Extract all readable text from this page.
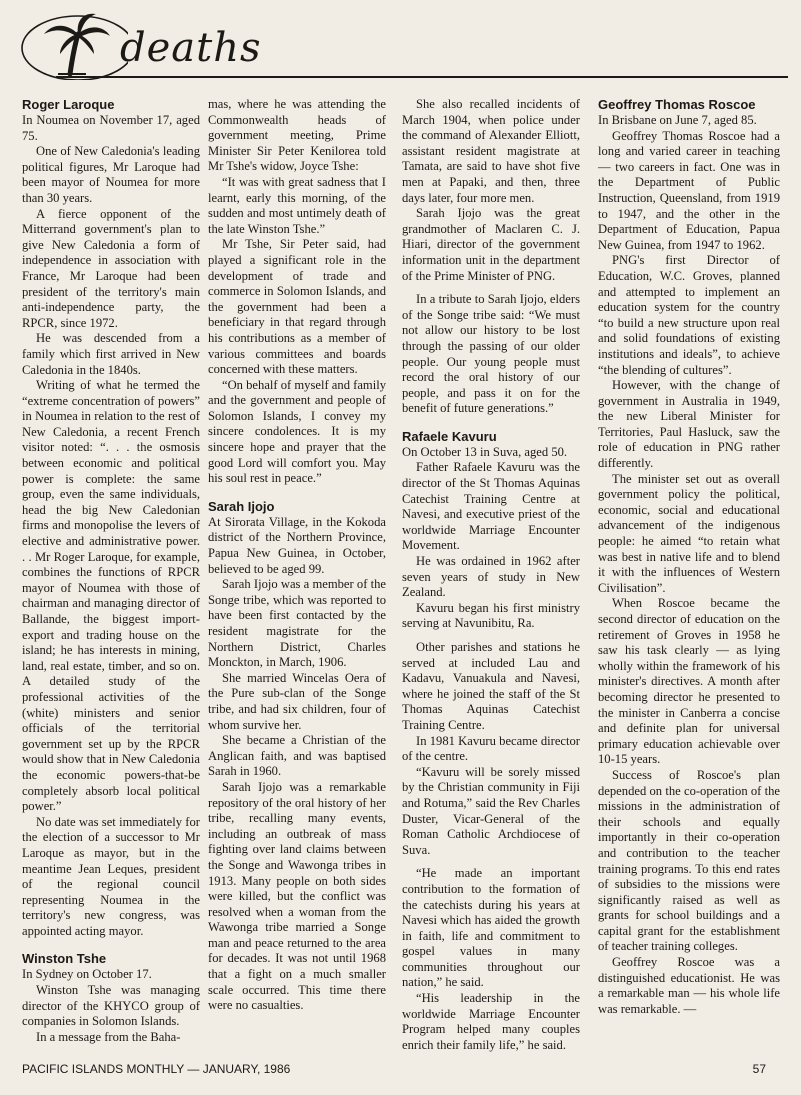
deaths
Roger Laroque

In Noumea on November 17, aged 75.

One of New Caledonia's leading political figures, Mr Laroque had been mayor of Noumea for more than 30 years.

A fierce opponent of the Mitterrand government's plan to give New Caledonia a form of independence in association with France, Mr Laroque had been president of the territory's main anti-independence party, the RPCR, since 1972.

He was descended from a family which first arrived in New Caledonia in the 1840s.

Writing of what he termed the “extreme concentration of powers” in Noumea in relation to the rest of New Caledonia, a recent French visitor noted: “. . . the osmosis between economic and political power is complete: the same group, even the same individuals, head the big New Caledonian firms and monopolise the levers of elective and administrative power. . . Mr Roger Laroque, for example, combines the functions of RPCR mayor of Noumea with those of chairman and managing director of Ballande, the biggest import-export and trading house on the island; he has interests in mining, land, real estate, timber, and so on. A detailed study of the professional activities of the (white) ministers and senior officials of the territorial government set up by the RPCR would show that in New Caledonia the economic powers-that-be completely absorb local political power.”

No date was set immediately for the election of a successor to Mr Laroque as mayor, but in the meantime Jean Leques, president of the regional council representing Noumea in the territory's new congress, was appointed acting mayor.

Winston Tshe

In Sydney on October 17.

Winston Tshe was managing director of the KHYCO group of companies in Solomon Islands.

In a message from the Baha-

mas, where he was attending the Commonwealth heads of government meeting, Prime Minister Sir Peter Kenilorea told Mr Tshe's widow, Joyce Tshe:

“It was with great sadness that I learnt, early this morning, of the sudden and most untimely death of the late Winston Tshe.”

Mr Tshe, Sir Peter said, had played a significant role in the development of trade and commerce in Solomon Islands, and the government had been a beneficiary in that regard through his contributions as a member of various committees and boards concerned with these matters.

“On behalf of myself and family and the government and people of Solomon Islands, I convey my sincere condolences. It is my sincere hope and prayer that the good Lord will comfort you. May his soul rest in peace.”

Sarah Ijojo

At Sirorata Village, in the Kokoda district of the Northern Province, Papua New Guinea, in October, believed to be aged 99.

Sarah Ijojo was a member of the Songe tribe, which was reported to have been first contacted by the resident magistrate for the Northern District, Charles Monckton, in March, 1906.

She married Wincelas Oera of the Pure sub-clan of the Songe tribe, and had six children, four of whom survive her.

She became a Christian of the Anglican faith, and was baptised Sarah in 1960.

Sarah Ijojo was a remarkable repository of the oral history of her tribe, recalling many events, including an outbreak of mass fighting over land claims between the Songe and Wawonga tribes in 1913. Many people on both sides were killed, but the conflict was resolved when a woman from the Wawonga tribe married a Songe man and peace returned to the area for decades. It was not until 1968 that a fight on a much smaller scale occurred. This time there were no casualties.

She also recalled incidents of March 1904, when police under the command of Alexander Elliott, assistant resident magistrate at Tamata, are said to have shot five men at Papaki, and then, three days later, four more men.

Sarah Ijojo was the great grandmother of Maclaren C. J. Hiari, director of the government information unit in the department of the Prime Minister of PNG.

In a tribute to Sarah Ijojo, elders of the Songe tribe said: “We must not allow our history to be lost through the passing of our older people. Our young people must record the oral history of our people, and pass it on for the benefit of future generations.”

Rafaele Kavuru

On October 13 in Suva, aged 50.

Father Rafaele Kavuru was the director of the St Thomas Aquinas Catechist Training Centre at Navesi, and executive priest of the worldwide Marriage Encounter Movement.

He was ordained in 1962 after seven years of study in New Zealand.

Kavuru began his first ministry serving at Navunibitu, Ra.

Other parishes and stations he served at included Lau and Kadavu, Vanuakula and Navesi, where he joined the staff of the St Thomas Aquinas Catechist Training Centre.

In 1981 Kavuru became director of the centre.

“Kavuru will be sorely missed by the Christian community in Fiji and Rotuma,” said the Rev Charles Duster, Vicar-General of the Roman Catholic Archdiocese of Suva.

“He made an important contribution to the formation of the catechists during his years at Navesi which has aided the growth in faith, life and commitment to gospel values in many communities throughout our nation,” he said.

“His leadership in the worldwide Marriage Encounter Program helped many couples enrich their family life,” he said.

Geoffrey Thomas Roscoe

In Brisbane on June 7, aged 85.

Geoffrey Thomas Roscoe had a long and varied career in teaching — two careers in fact. One was in the Department of Public Instruction, Queensland, from 1919 to 1947, and the other in the Department of Education, Papua New Guinea, from 1947 to 1962.

PNG's first Director of Education, W.C. Groves, planned and attempted to implement an education system for the country “to build a new structure upon real and solid foundations of existing institutions and ideals”, to achieve “the blending of cultures”.

However, with the change of government in Australia in 1949, the new Liberal Minister for Territories, Paul Hasluck, saw the role of education in PNG rather differently.

The minister set out as overall government policy the political, economic, social and educational advancement of the indigenous people: he aimed “to retain what was best in native life and to blend it with the influences of Western Civilisation”.

When Roscoe became the second director of education on the retirement of Groves in 1958 he saw his task clearly — as lying wholly within the framework of his minister's directives. A month after becoming director he presented to the minister in Canberra a concise and definite plan for universal primary education achievable over 10-15 years.

Success of Roscoe's plan depended on the co-operation of the missions in the administration of their schools and equally importantly in their co-operation and contribution to the teacher training programs. To this end rates of subsidies to the missions were significantly raised as well as grants for school buildings and a capital grant for the establishment of teacher training colleges.

Geoffrey Roscoe was a distinguished educationist. He was a remarkable man — his whole life was remarkable. —

PACIFIC ISLANDS MONTHLY — JANUARY, 1986	57
